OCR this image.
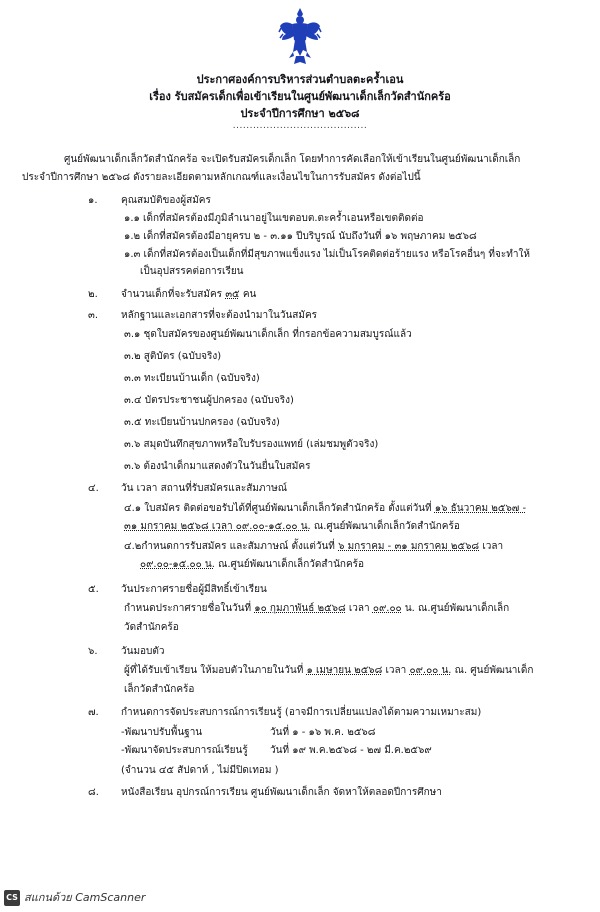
ประกาศองค์การบริหารส่วนตำบลตะคร้ำเอน
เรื่อง รับสมัครเด็กเพื่อเข้าเรียนในศูนย์พัฒนาเด็กเล็กวัดสำนักคร้อ
ประจำปีการศึกษา ๒๕๖๘
........................................
ศูนย์พัฒนาเด็กเล็กวัดสำนักคร้อ จะเปิดรับสมัครเด็กเล็ก โดยทำการคัดเลือกให้เข้าเรียนในศูนย์พัฒนาเด็กเล็ก
ประจำปีการศึกษา ๒๕๖๘ ดังรายละเอียดตามหลักเกณฑ์และเงื่อนไขในการรับสมัคร ดังต่อไปนี้
๑. คุณสมบัติของผู้สมัคร
๑.๑ เด็กที่สมัครต้องมีภูมิลำเนาอยู่ในเขตอบต.ตะคร้ำเอนหรือเขตติดต่อ
๑.๒ เด็กที่สมัครต้องมีอายุครบ ๒ - ๓.๑๑ ปีบริบูรณ์ นับถึงวันที่ ๑๖ พฤษภาคม ๒๕๖๘
๑.๓ เด็กที่สมัครต้องเป็นเด็กที่มีสุขภาพแข็งแรง ไม่เป็นโรคติดต่อร้ายแรง หรือโรคอื่นๆ ที่จะทำให้
เป็นอุปสรรคต่อการเรียน
๒. จำนวนเด็กที่จะรับสมัคร ๓๕ คน
๓. หลักฐานและเอกสารที่จะต้องนำมาในวันสมัคร
๓.๑ ชุดใบสมัครของศูนย์พัฒนาเด็กเล็ก ที่กรอกข้อความสมบูรณ์แล้ว
๓.๒ สูติบัตร (ฉบับจริง)
๓.๓ ทะเบียนบ้านเด็ก (ฉบับจริง)
๓.๔ บัตรประชาชนผู้ปกครอง (ฉบับจริง)
๓.๕ ทะเบียนบ้านปกครอง (ฉบับจริง)
๓.๖ สมุดบันทึกสุขภาพหรือใบรับรองแพทย์ (เล่มชมพูตัวจริง)
๓.๖ ต้องนำเด็กมาแสดงตัวในวันยื่นใบสมัคร
๔. วัน เวลา สถานที่รับสมัครและสัมภาษณ์
๔.๑ ใบสมัคร ติดต่อขอรับได้ที่ศูนย์พัฒนาเด็กเล็กวัดสำนักคร้อ ตั้งแต่วันที่ ๑๖ ธันวาคม ๒๕๖๗ -
๓๑ มกราคม ๒๕๖๘ เวลา ๐๙.๐๐-๑๕.๐๐ น. ณ.ศูนย์พัฒนาเด็กเล็กวัดสำนักคร้อ
๔.๒กำหนดการรับสมัคร และสัมภาษณ์ ตั้งแต่วันที่ ๖ มกราคม - ๓๑ มกราคม ๒๕๖๘ เวลา
๐๙.๐๐-๑๕.๐๐ น. ณ.ศูนย์พัฒนาเด็กเล็กวัดสำนักคร้อ
๕. วันประกาศรายชื่อผู้มีสิทธิ์เข้าเรียน
กำหนดประกาศรายชื่อในวันที่ ๑๐ กุมภาพันธ์ ๒๕๖๘ เวลา ๐๙.๐๐ น. ณ.ศูนย์พัฒนาเด็กเล็ก
วัดสำนักคร้อ
๖. วันมอบตัว
ผู้ที่ได้รับเข้าเรียน ให้มอบตัวในภายในวันที่ ๑ เมษายน ๒๕๖๘ เวลา ๐๙.๐๐ น. ณ. ศูนย์พัฒนาเด็ก
เล็กวัดสำนักคร้อ
๗. กำหนดการจัดประสบการณ์การเรียนรู้ (อาจมีการเปลี่ยนแปลงได้ตามความเหมาะสม)
-พัฒนาปรับพื้นฐาน	วันที่ ๑ - ๑๖ พ.ค. ๒๕๖๘
-พัฒนาจัดประสบการณ์เรียนรู้ วันที่ ๑๙ พ.ค.๒๕๖๘ - ๒๗ มี.ค.๒๕๖๙
(จำนวน ๔๕ สัปดาห์ , ไม่มีปิดเทอม )
๘. หนังสือเรียน อุปกรณ์การเรียน ศูนย์พัฒนาเด็กเล็ก จัดหาให้ตลอดปีการศึกษา
CS สแกนด้วย CamScanner
